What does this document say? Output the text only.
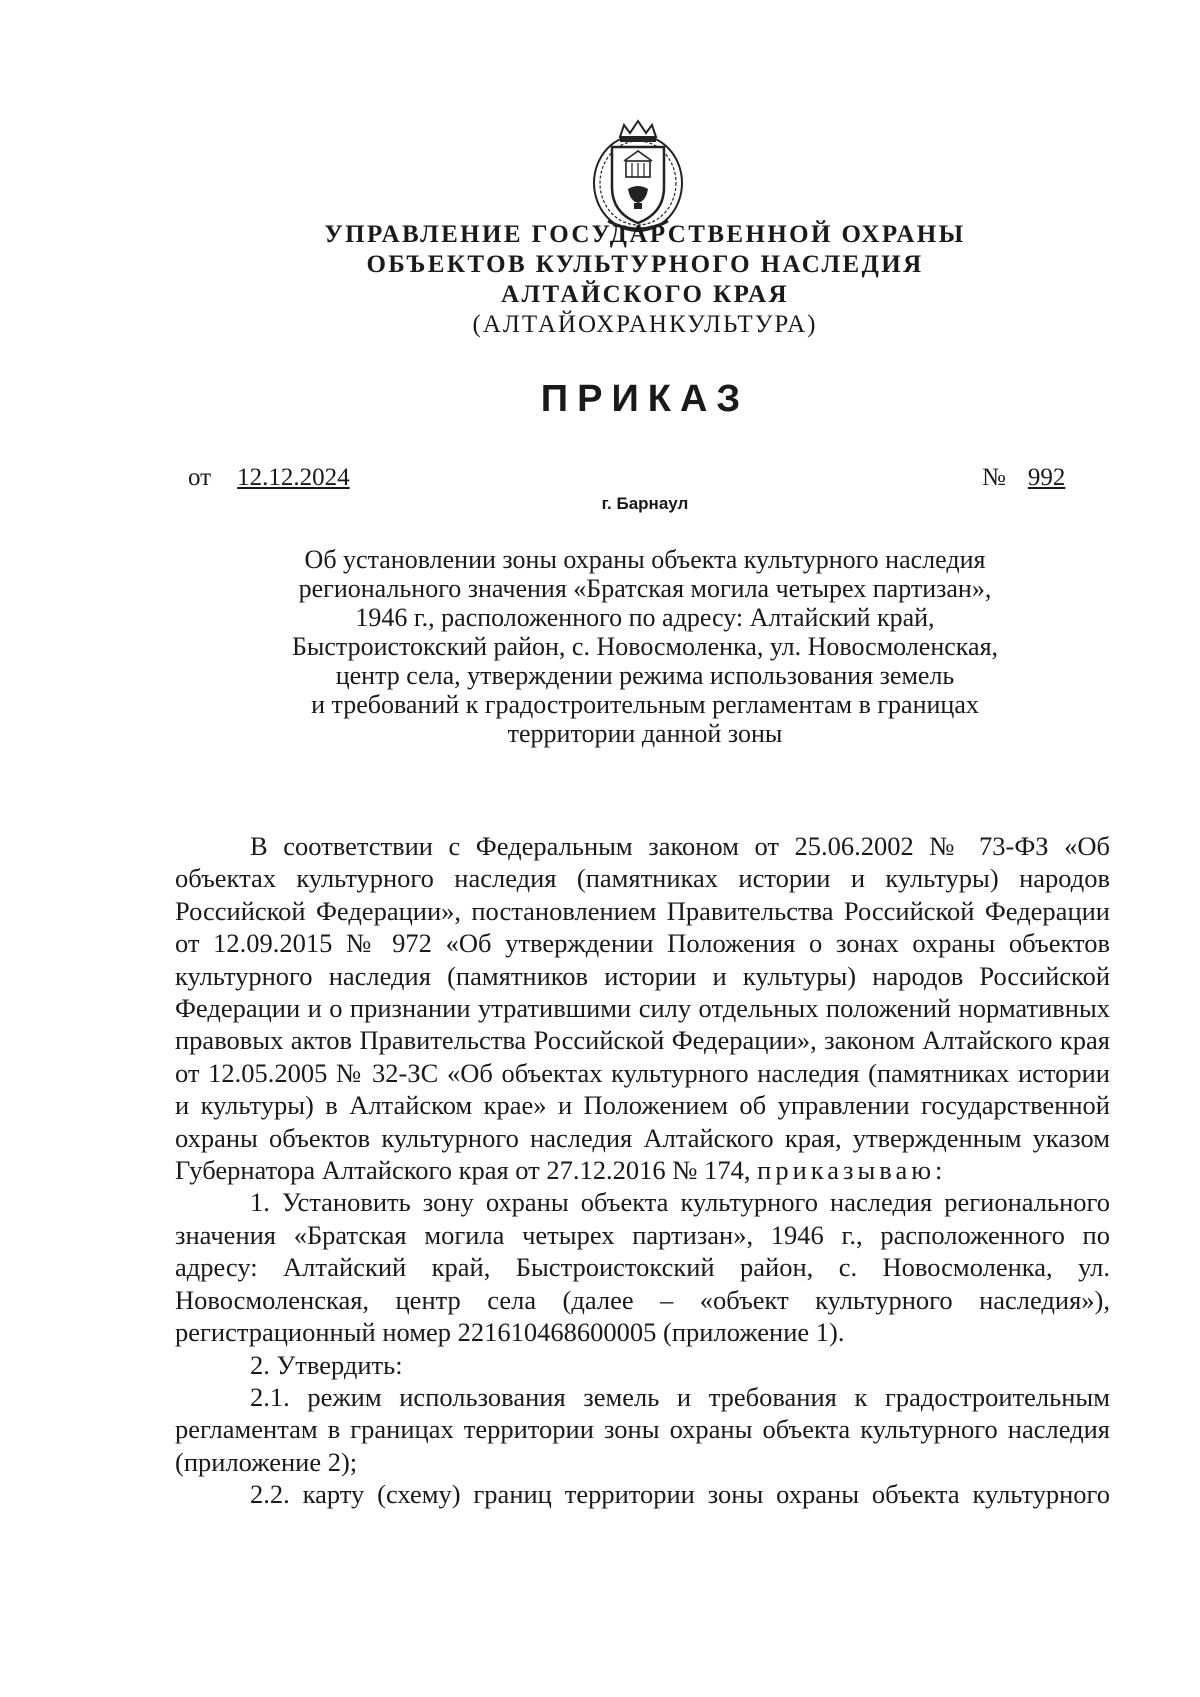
УПРАВЛЕНИЕ ГОСУДАРСТВЕННОЙ ОХРАНЫ
ОБЪЕКТОВ КУЛЬТУРНОГО НАСЛЕДИЯ
АЛТАЙСКОГО КРАЯ
(АЛТАЙОХРАНКУЛЬТУРА)
ПРИКАЗ
от 12.12.2024	№ 992
г. Барнаул
Об установлении зоны охраны объекта культурного наследия
регионального значения «Братская могила четырех партизан»,
1946 г., расположенного по адресу: Алтайский край,
Быстроистокский район, с. Новосмоленка, ул. Новосмоленская,
центр села, утверждении режима использования земель
и требований к градостроительным регламентам в границах
территории данной зоны

В соответствии с Федеральным законом от 25.06.2002 № 73-ФЗ «Об объектах культурного наследия (памятниках истории и культуры) народов Российской Федерации», постановлением Правительства Российской Федерации от 12.09.2015 № 972 «Об утверждении Положения о зонах охраны объектов культурного наследия (памятников истории и культуры) народов Российской Федерации и о признании утратившими силу отдельных положений нормативных правовых актов Правительства Российской Федерации», законом Алтайского края от 12.05.2005 № 32-ЗС «Об объектах культурного наследия (памятниках истории и культуры) в Алтайском крае» и Положением об управлении государственной охраны объектов культурного наследия Алтайского края, утвержденным указом Губернатора Алтайского края от 27.12.2016 № 174, приказываю:

1. Установить зону охраны объекта культурного наследия регионального значения «Братская могила четырех партизан», 1946 г., расположенного по адресу: Алтайский край, Быстроистокский район, с. Новосмоленка, ул. Новосмоленская, центр села (далее – «объект культурного наследия»), регистрационный номер 221610468600005 (приложение 1).

2. Утвердить:

2.1. режим использования земель и требования к градостроительным регламентам в границах территории зоны охраны объекта культурного наследия (приложение 2);

2.2. карту (схему) границ территории зоны охраны объекта культурного
